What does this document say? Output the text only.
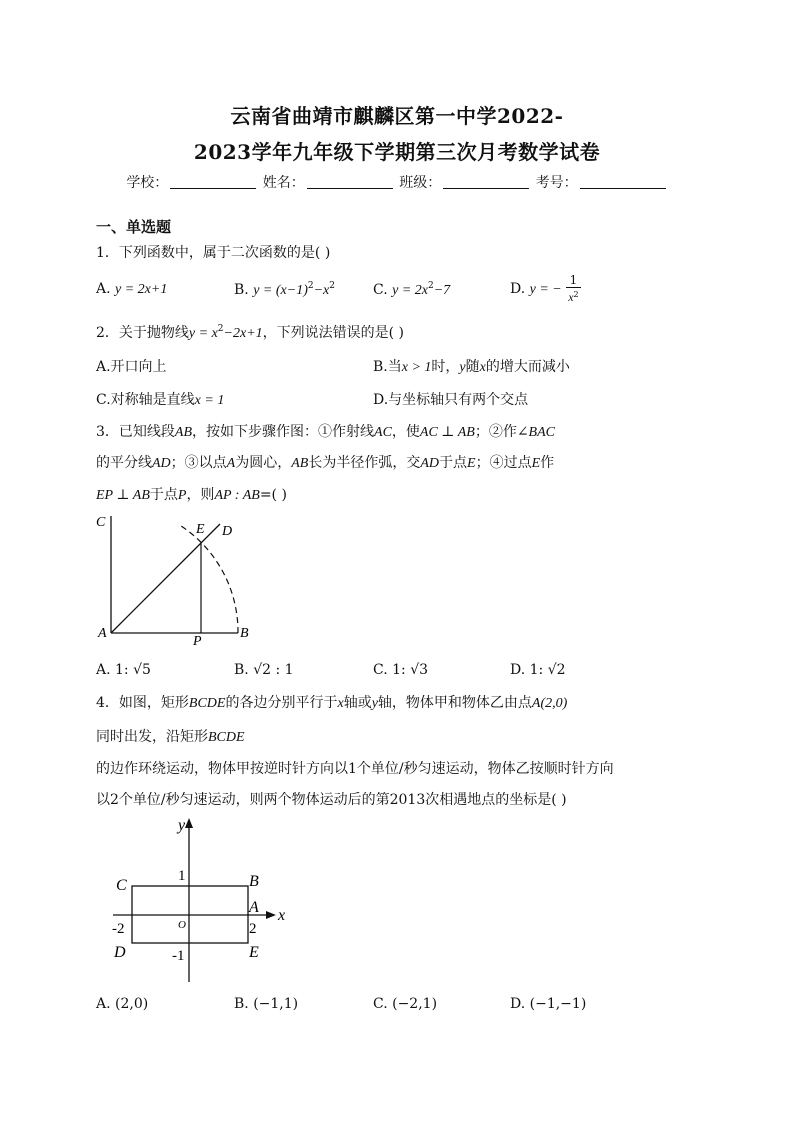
云南省曲靖市麒麟区第一中学2022-
2023学年九年级下学期第三次月考数学试卷
学校：	姓名：	班级：	考号：
一、单选题
1．下列函数中，属于二次函数的是( )
A. y = 2x+1	B. $y = (x-1)^2-x^2$	C. $y = 2x^2-7$	D. y = − $\frac{1}{x^2}$
2．关于抛物线$y = x^2-2x+1$，下列说法错误的是( )
A.开口向上	B.当x > 1时，y随x的增大而减小
C.对称轴是直线x = 1	D.与坐标轴只有两个交点
3．已知线段AB，按如下步骤作图：①作射线AC，使AC ⊥ AB；②作∠BAC
的平分线AD；③以点A为圆心，AB长为半径作弧，交AD于点E；④过点E作
EP ⊥ AB于点P，则AP : AB=( )
C	E D
A
P
B
A. 1: √5	B. √2 : 1	C. 1: √3	D. 1: √2
4．如图，矩形BCDE的各边分别平行于x轴或y轴，物体甲和物体乙由点A(2,0)
同时出发，沿矩形BCDE
的边作环绕运动，物体甲按逆时针方向以1个单位/秒匀速运动，物体乙按顺时针方向
以2个单位/秒匀速运动，则两个物体运动后的第2013次相遇地点的坐标是( )
y
x
1
C	B
A
-2	O	2
D	-1	E
A. (2,0)	B. (−1,1)	C. (−2,1)	D. (−1,−1)
